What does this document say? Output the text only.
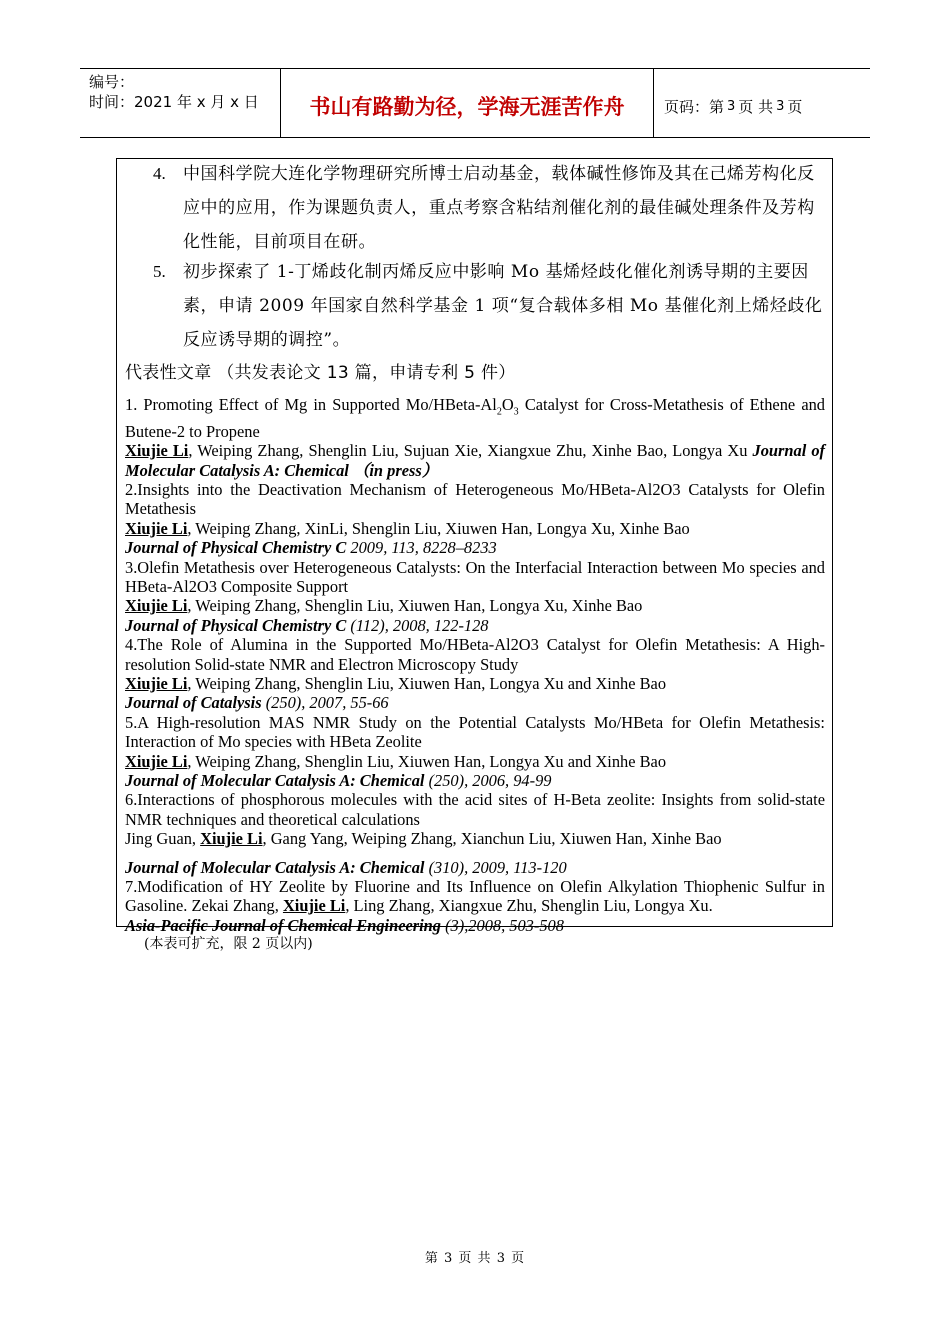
编号：
时间：2021 年 x 月 x 日	书山有路勤为径，学海无涯苦作舟	页码：第 3 页 共 3 页
4.	中国科学院大连化学物理研究所博士启动基金，载体碱性修饰及其在己烯芳构化反应中的应用，作为课题负责人，重点考察含粘结剂催化剂的最佳碱处理条件及芳构化性能，目前项目在研。
5.	初步探索了 1-丁烯歧化制丙烯反应中影响 Mo 基烯烃歧化催化剂诱导期的主要因素，申请 2009 年国家自然科学基金 1 项“复合载体多相 Mo 基催化剂上烯烃歧化反应诱导期的调控”。
代表性文章 （共发表论文 13 篇，申请专利 5 件）
1. Promoting Effect of Mg in Supported $Mo/HBeta-Al_2O_3$ Catalyst for Cross-Metathesis of Ethene and Butene-2 to Propene
Xiujie Li, Weiping Zhang, Shenglin Liu, Sujuan Xie, Xiangxue Zhu, Xinhe Bao, Longya Xu Journal of Molecular Catalysis A: Chemical （in press）
2.Insights into the Deactivation Mechanism of Heterogeneous Mo/HBeta-Al2O3 Catalysts for Olefin Metathesis
Xiujie Li, Weiping Zhang, XinLi, Shenglin Liu, Xiuwen Han, Longya Xu, Xinhe Bao
Journal of Physical Chemistry C 2009, 113, 8228–8233
3.Olefin Metathesis over Heterogeneous Catalysts: On the Interfacial Interaction between Mo species and HBeta-Al2O3 Composite Support
Xiujie Li, Weiping Zhang, Shenglin Liu, Xiuwen Han, Longya Xu, Xinhe Bao
Journal of Physical Chemistry C (112), 2008, 122-128
4.The Role of Alumina in the Supported Mo/HBeta-Al2O3 Catalyst for Olefin Metathesis: A High-resolution Solid-state NMR and Electron Microscopy Study
Xiujie Li, Weiping Zhang, Shenglin Liu, Xiuwen Han, Longya Xu and Xinhe Bao
Journal of Catalysis (250), 2007, 55-66
5.A High-resolution MAS NMR Study on the Potential Catalysts Mo/HBeta for Olefin Metathesis: Interaction of Mo species with HBeta Zeolite
Xiujie Li, Weiping Zhang, Shenglin Liu, Xiuwen Han, Longya Xu and Xinhe Bao
Journal of Molecular Catalysis A: Chemical (250), 2006, 94-99
6.Interactions of phosphorous molecules with the acid sites of H-Beta zeolite: Insights from solid-state NMR techniques and theoretical calculations
Jing Guan, Xiujie Li, Gang Yang, Weiping Zhang, Xianchun Liu, Xiuwen Han, Xinhe Bao
Journal of Molecular Catalysis A: Chemical (310), 2009, 113-120
7.Modification of HY Zeolite by Fluorine and Its Influence on Olefin Alkylation Thiophenic Sulfur in Gasoline. Zekai Zhang, Xiujie Li, Ling Zhang, Xiangxue Zhu, Shenglin Liu, Longya Xu.
Asia-Pacific Journal of Chemical Engineering (3),2008, 503-508
(本表可扩充，限 2 页以内)
第 3 页 共 3 页
